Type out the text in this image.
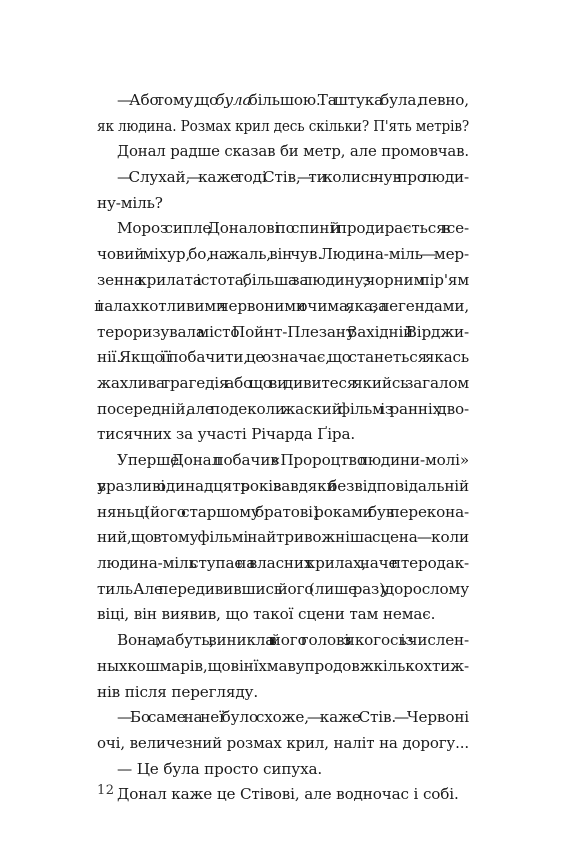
— Або тому, що була більшою. Та штука була, певно,
як людина. Розмах крил десь скільки? П'ять метрів?
Донал радше сказав би метр, але промовчав.
— Слухай, — каже тоді Стів, — ти колись чув про люди-
ну-міль?
Мороз сипле Доналові по спині й продирається в се-
човий міхур, бо, на жаль, він чув. Людина-міль — мер-
зенна крилата істота, більша за людину, з чорним пір'ям
і палахкотливими червоними очима, яка, за легендами,
тероризувала місто Пойнт-Плезант у Західній Вірджи-
нії. Якщо її побачити, це означає, що станеться якась
жахлива трагедія або що ви дивитеся якийсь загалом
посередній, але подеколи жаский фільм із ранніх дво-
тисячних за участі Річарда Ґіра.
Уперше Донал побачив «Пророцтво людини-молі»
у вразливі одинадцять років завдяки безвідповідальній
няньці (його старшому братові) і роками був переконa-
ний, що в тому фільмі найтривожніша сцена — коли
людина-міль ступає на власних крилах, наче птеродак-
тиль. Але передивившись його (лише раз) у дорослому
віці, він виявив, що такої сцени там немає.
Вона, мабуть, виникла в його голові з якогось із числен-
ных кошмарів, що він їх мав упродовж кількох тиж-
нів після перегляду.
— Бо саме на неї було схоже, — каже Стів. — Червоні
очі, величезний розмах крил, наліт на дорогу...
— Це була просто сипуха.
Донал каже це Стівові, але водночас і собі.
12
